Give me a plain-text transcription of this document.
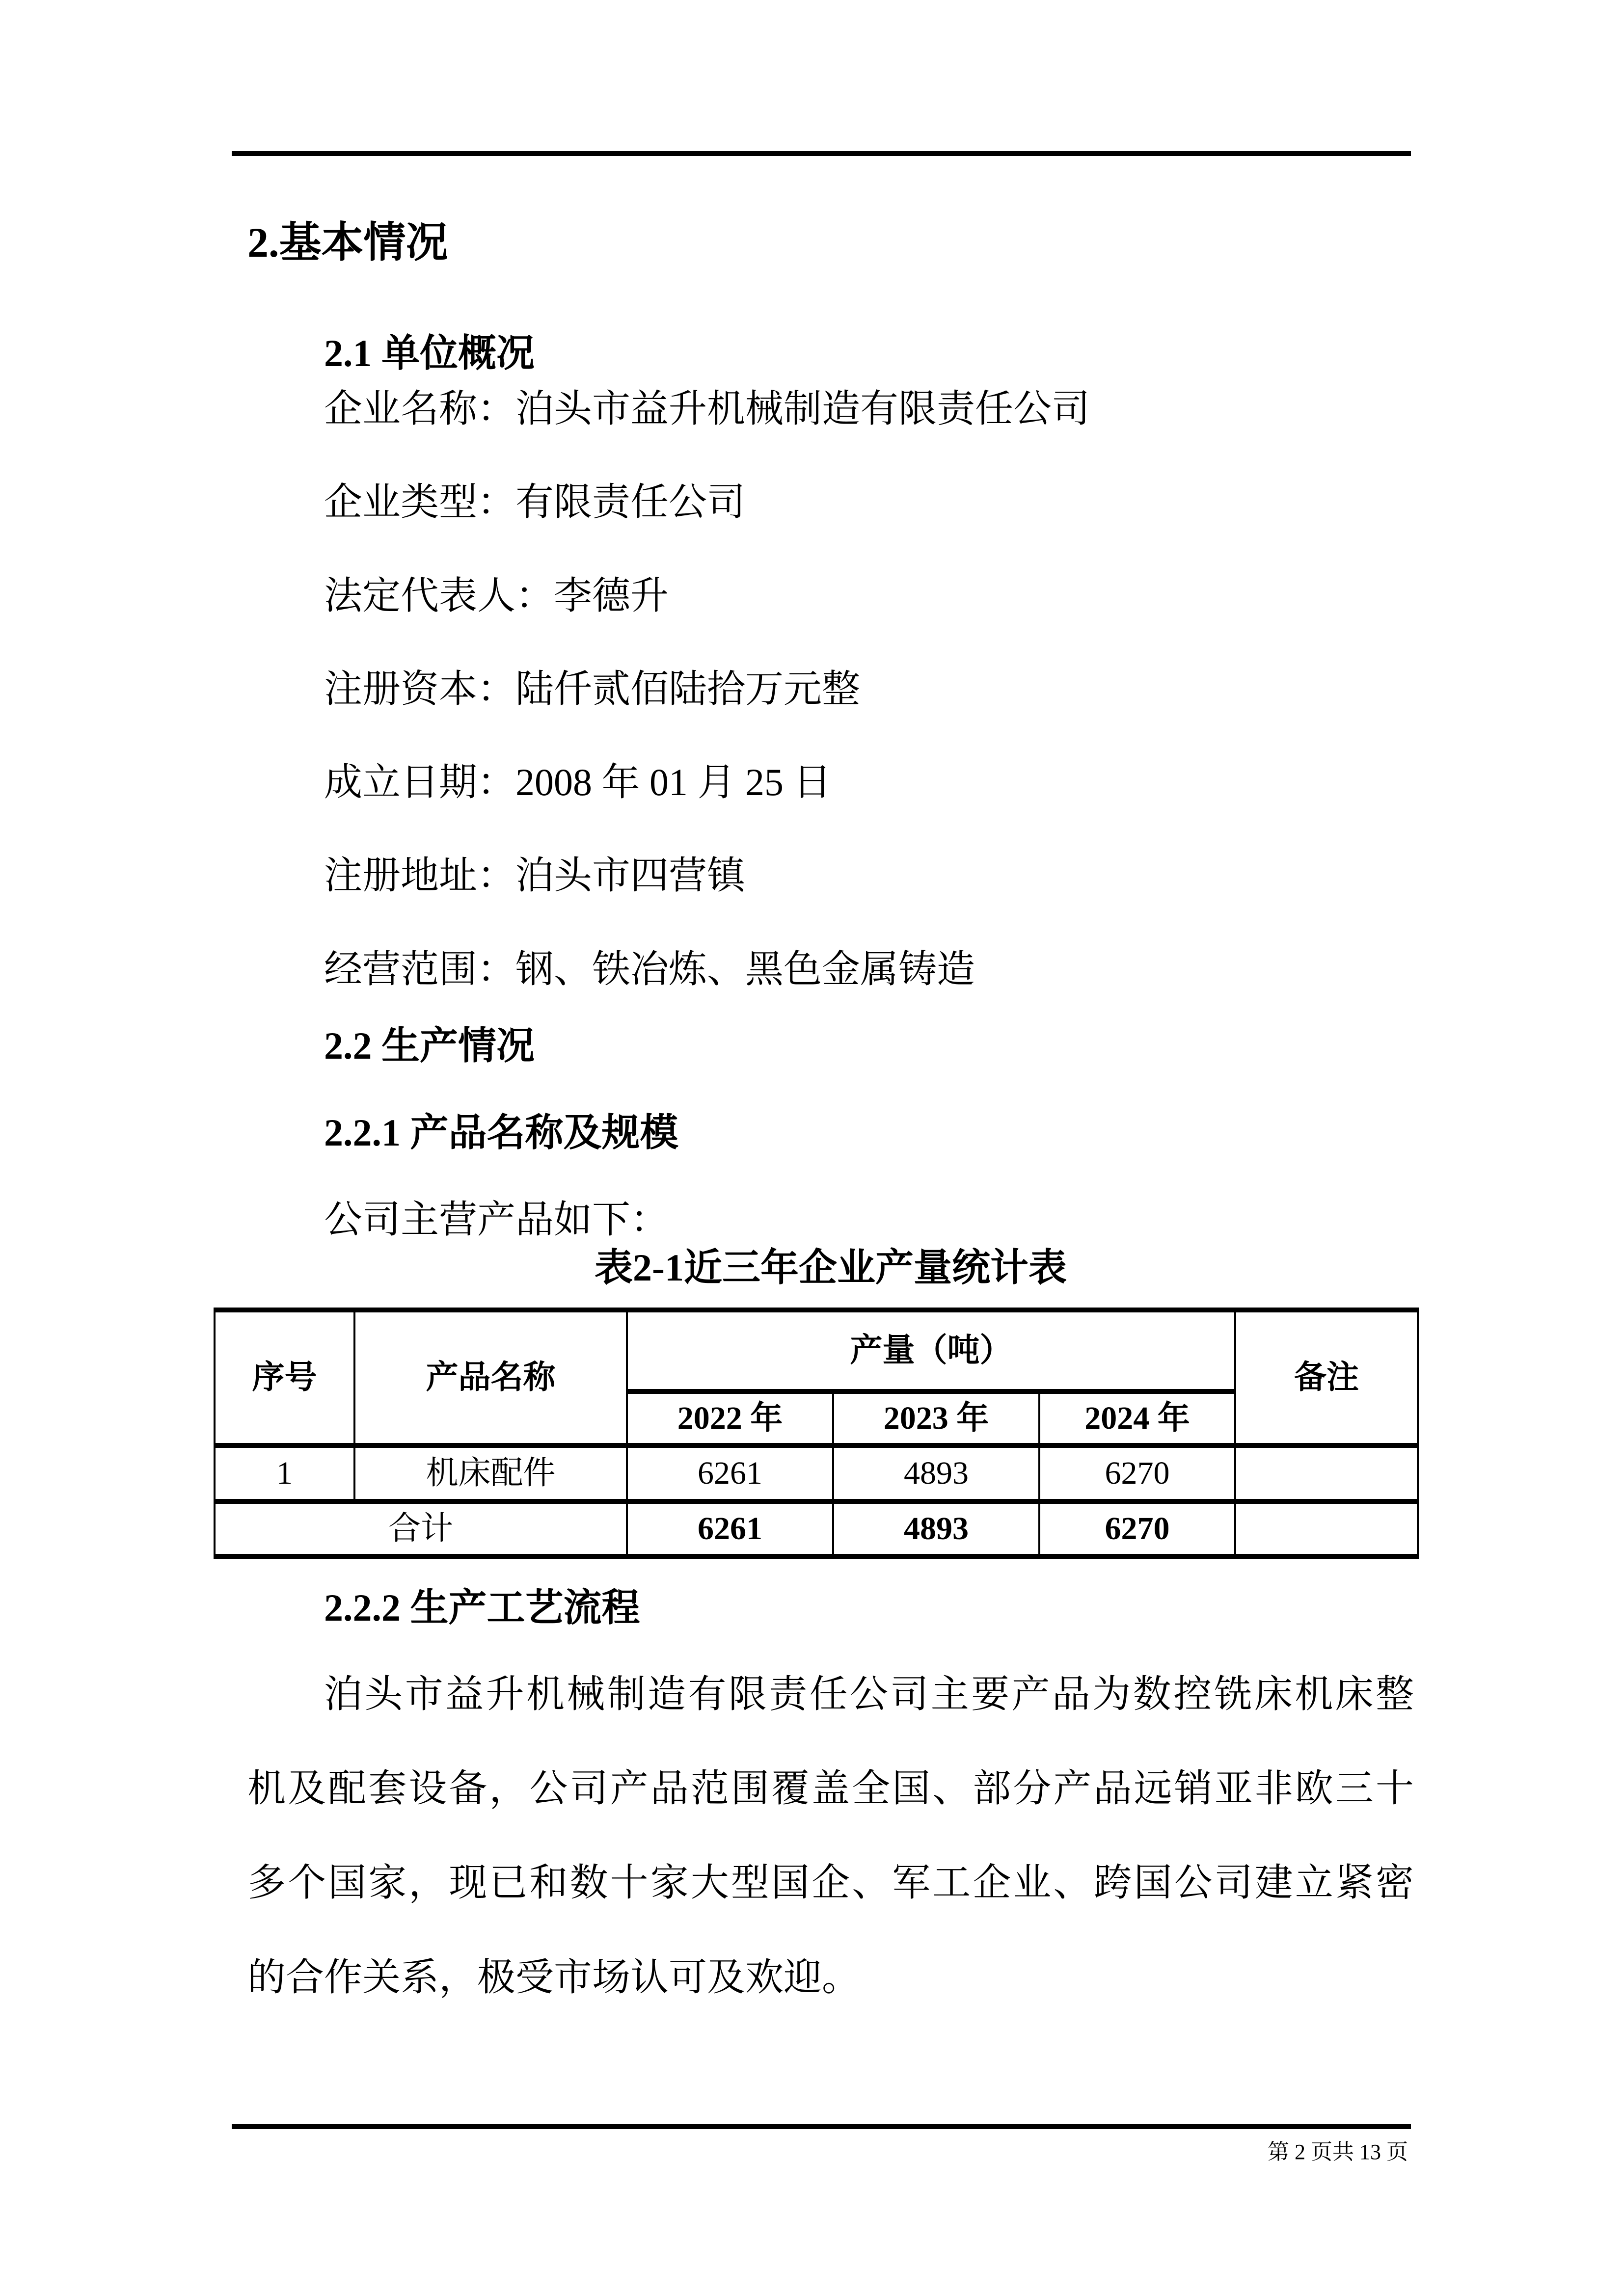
2.基本情况
2.1 单位概况
企业名称：泊头市益升机械制造有限责任公司
企业类型：有限责任公司
法定代表人：李德升
注册资本：陆仟贰佰陆拾万元整
成立日期：2008 年 01 月 25 日
注册地址：泊头市四营镇
经营范围：钢、铁冶炼、黑色金属铸造
2.2 生产情况
2.2.1 产品名称及规模
公司主营产品如下：
表2-1近三年企业产量统计表
序号	产品名称	产量（吨）			备注
		2022 年	2023 年	2024 年	
1	机床配件	6261	4893	6270	
合计		6261	4893	6270	
2.2.2 生产工艺流程
泊头市益升机械制造有限责任公司主要产品为数控铣床机床整
机及配套设备，公司产品范围覆盖全国、部分产品远销亚非欧三十
多个国家，现已和数十家大型国企、军工企业、跨国公司建立紧密
的合作关系，极受市场认可及欢迎。
第 2 页共 13 页
